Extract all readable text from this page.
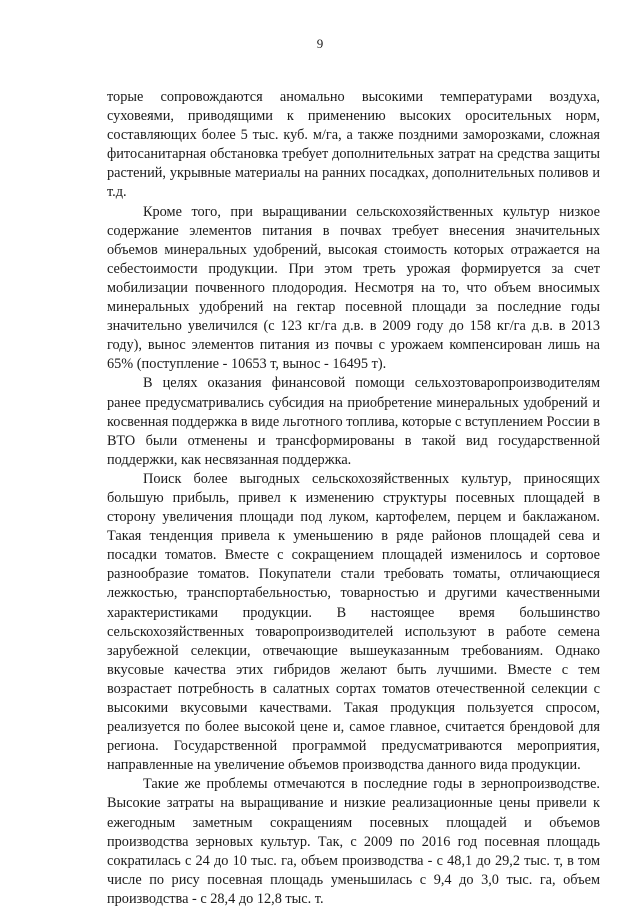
9

торые сопровождаются аномально высокими температурами воздуха, суховеями, приводящими к применению высоких оросительных норм, составляющих более 5 тыс. куб. м/га, а также поздними заморозками, сложная фитосанитарная обстановка требует дополнительных затрат на средства защиты растений, укрывные материалы на ранних посадках, дополнительных поливов и т.д.

Кроме того, при выращивании сельскохозяйственных культур низкое содержание элементов питания в почвах требует внесения значительных объемов минеральных удобрений, высокая стоимость которых отражается на себестоимости продукции. При этом треть урожая формируется за счет мобилизации почвенного плодородия. Несмотря на то, что объем вносимых минеральных удобрений на гектар посевной площади за последние годы значительно увеличился (с 123 кг/га д.в. в 2009 году до 158 кг/га д.в. в 2013 году), вынос элементов питания из почвы с урожаем компенсирован лишь на 65% (поступление - 10653 т, вынос - 16495 т).

В целях оказания финансовой помощи сельхозтоваропроизводителям ранее предусматривались субсидия на приобретение минеральных удобрений и косвенная поддержка в виде льготного топлива, которые с вступлением России в ВТО были отменены и трансформированы в такой вид государственной поддержки, как несвязанная поддержка.

Поиск более выгодных сельскохозяйственных культур, приносящих большую прибыль, привел к изменению структуры посевных площадей в сторону увеличения площади под луком, картофелем, перцем и баклажаном. Такая тенденция привела к уменьшению в ряде районов площадей сева и посадки томатов. Вместе с сокращением площадей изменилось и сортовое разнообразие томатов. Покупатели стали требовать томаты, отличающиеся лежкостью, транспортабельностью, товарностью и другими качественными характеристиками продукции. В настоящее время большинство сельскохозяйственных товаропроизводителей используют в работе семена зарубежной селекции, отвечающие вышеуказанным требованиям. Однако вкусовые качества этих гибридов желают быть лучшими. Вместе с тем возрастает потребность в салатных сортах томатов отечественной селекции с высокими вкусовыми качествами. Такая продукция пользуется спросом, реализуется по более высокой цене и, самое главное, считается брендовой для региона. Государственной программой предусматриваются мероприятия, направленные на увеличение объемов производства данного вида продукции.

Такие же проблемы отмечаются в последние годы в зернопроизводстве. Высокие затраты на выращивание и низкие реализационные цены привели к ежегодным заметным сокращениям посевных площадей и объемов производства зерновых культур. Так, с 2009 по 2016 год посевная площадь сократилась с 24 до 10 тыс. га, объем производства - с 48,1 до 29,2 тыс. т, в том числе по рису посевная площадь уменьшилась с 9,4 до 3,0 тыс. га, объем производства - с 28,4 до 12,8 тыс. т.
